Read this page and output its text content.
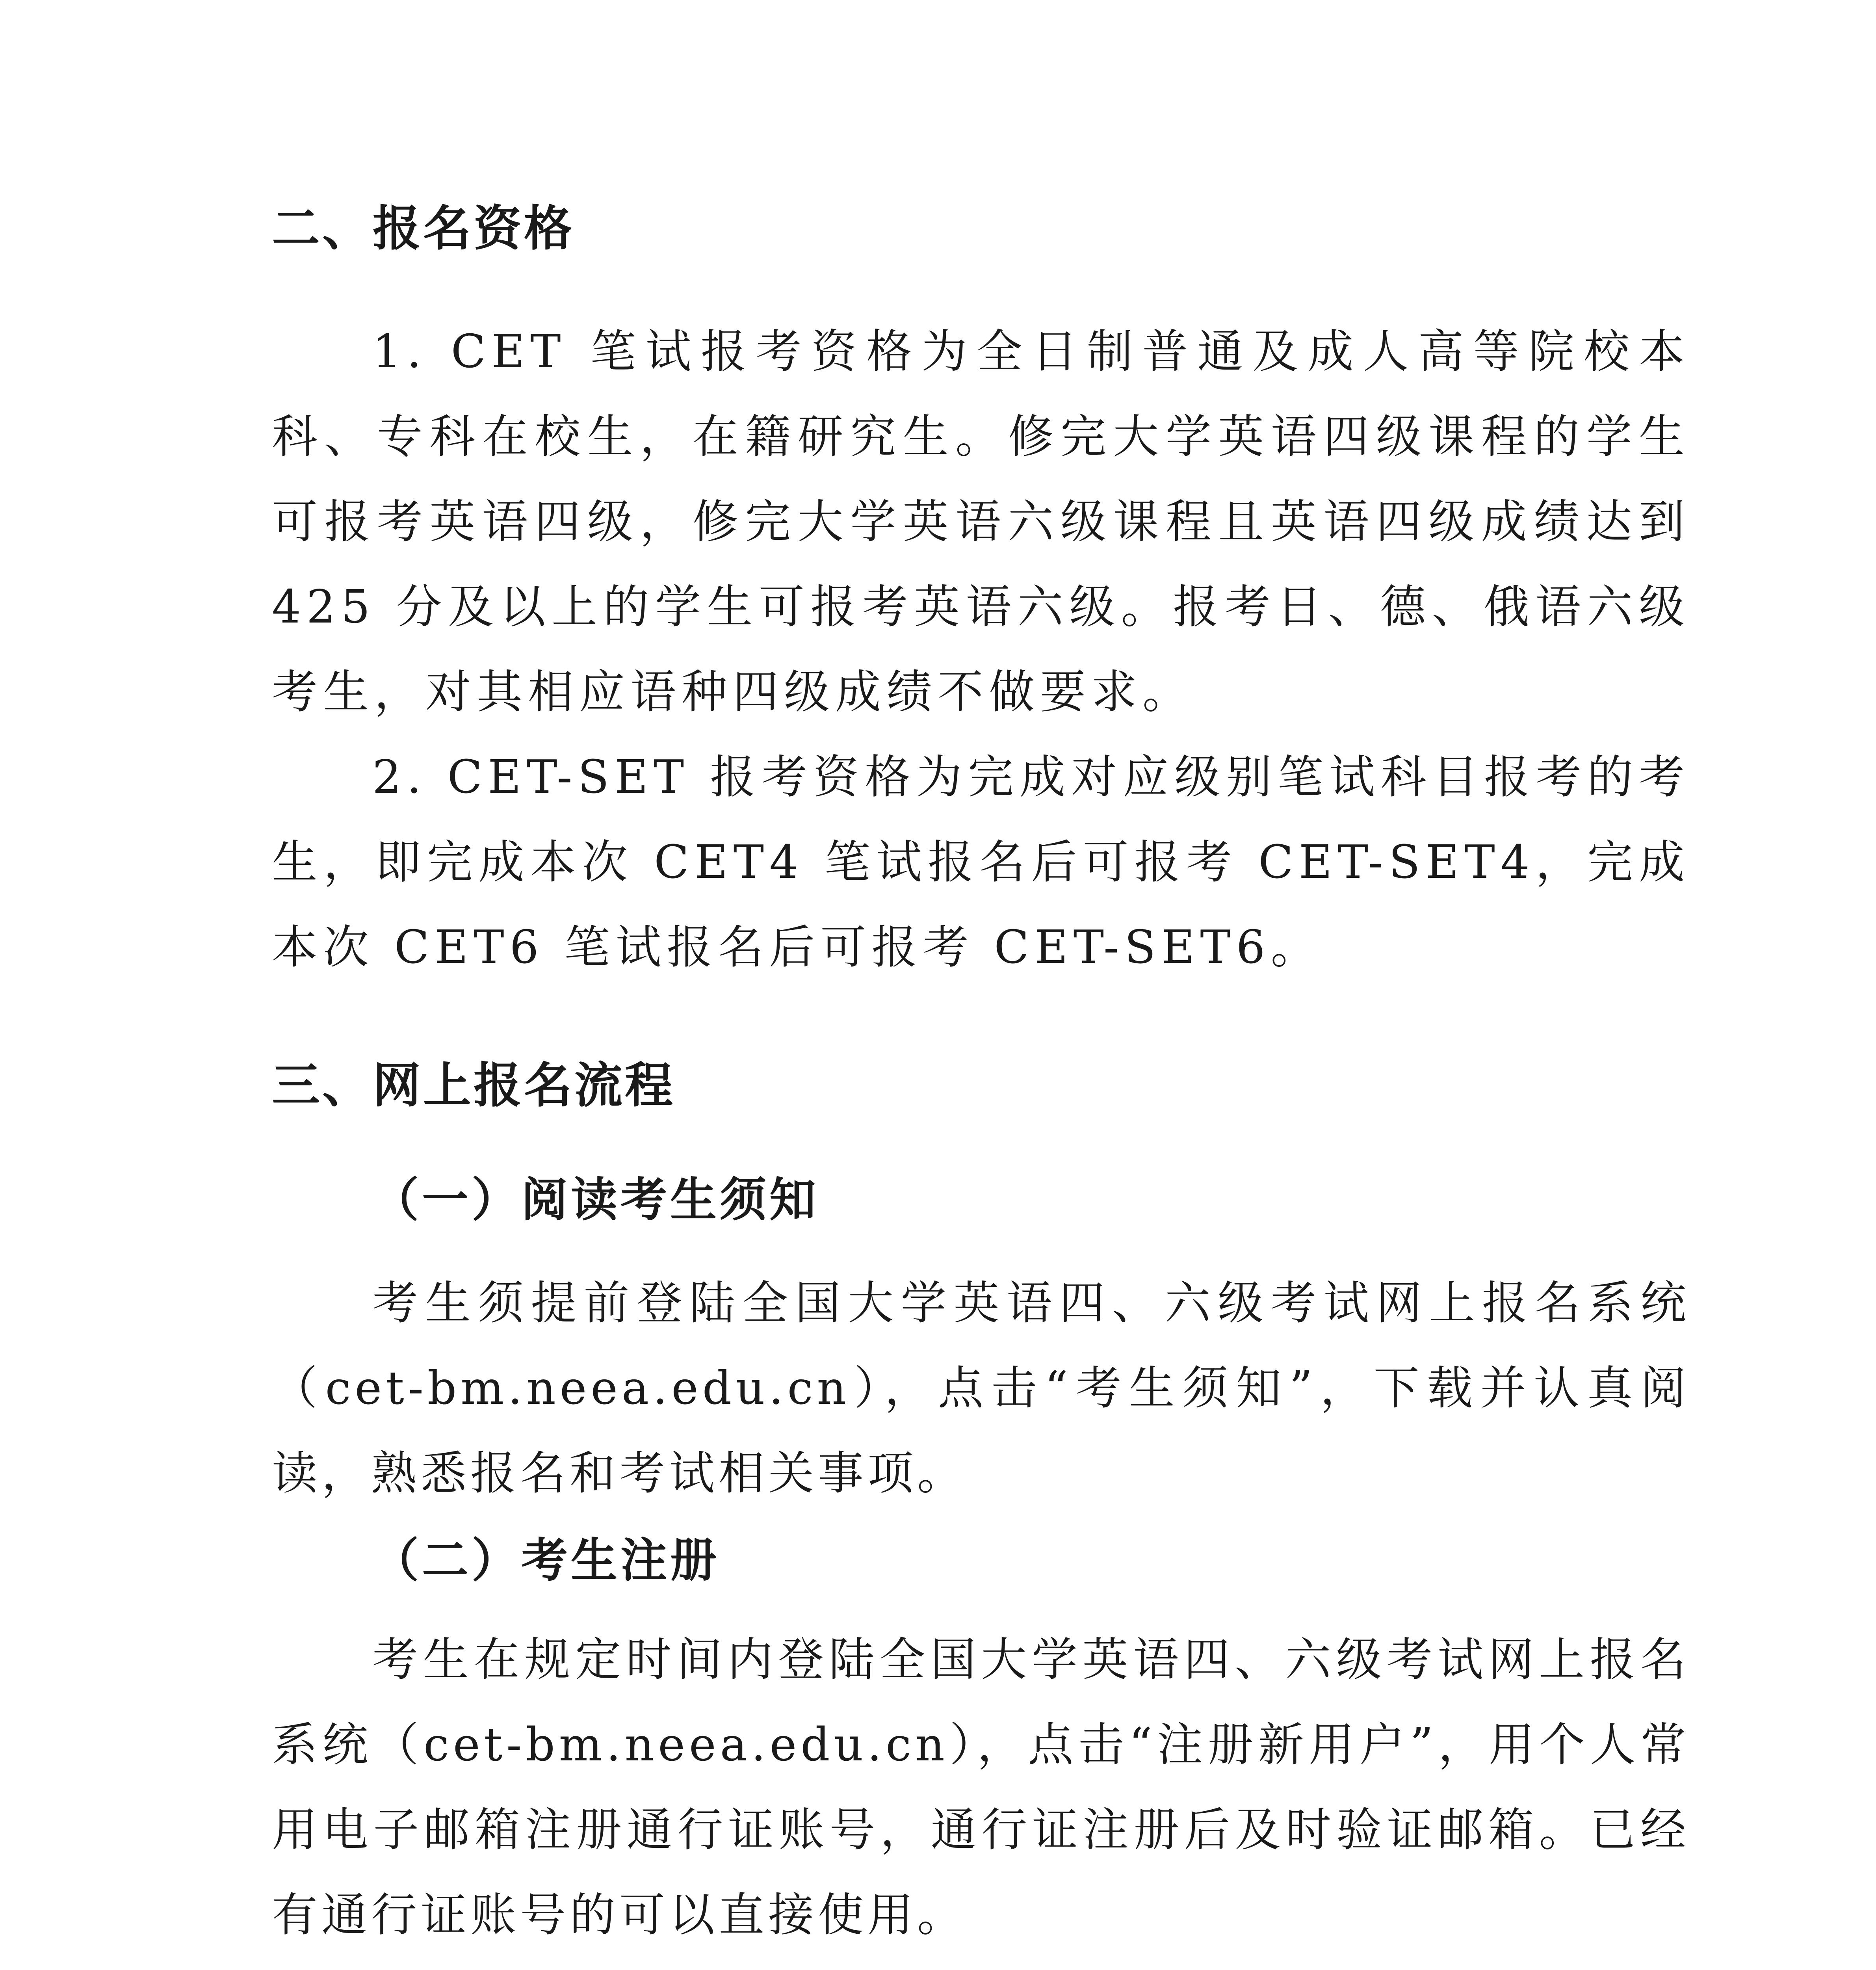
二、报名资格

1. CET 笔试报考资格为全日制普通及成人高等院校本科、专科在校生，在籍研究生。修完大学英语四级课程的学生可报考英语四级，修完大学英语六级课程且英语四级成绩达到 425 分及以上的学生可报考英语六级。报考日、德、俄语六级考生，对其相应语种四级成绩不做要求。

2. CET-SET 报考资格为完成对应级别笔试科目报考的考生，即完成本次 CET4 笔试报名后可报考 CET-SET4，完成本次 CET6 笔试报名后可报考 CET-SET6。

三、网上报名流程
（一）阅读考生须知

考生须提前登陆全国大学英语四、六级考试网上报名系统（cet-bm.neea.edu.cn），点击“考生须知”，下载并认真阅读，熟悉报名和考试相关事项。

（二）考生注册

考生在规定时间内登陆全国大学英语四、六级考试网上报名系统（cet-bm.neea.edu.cn），点击“注册新用户”，用个人常用电子邮箱注册通行证账号，通行证注册后及时验证邮箱。已经有通行证账号的可以直接使用。
